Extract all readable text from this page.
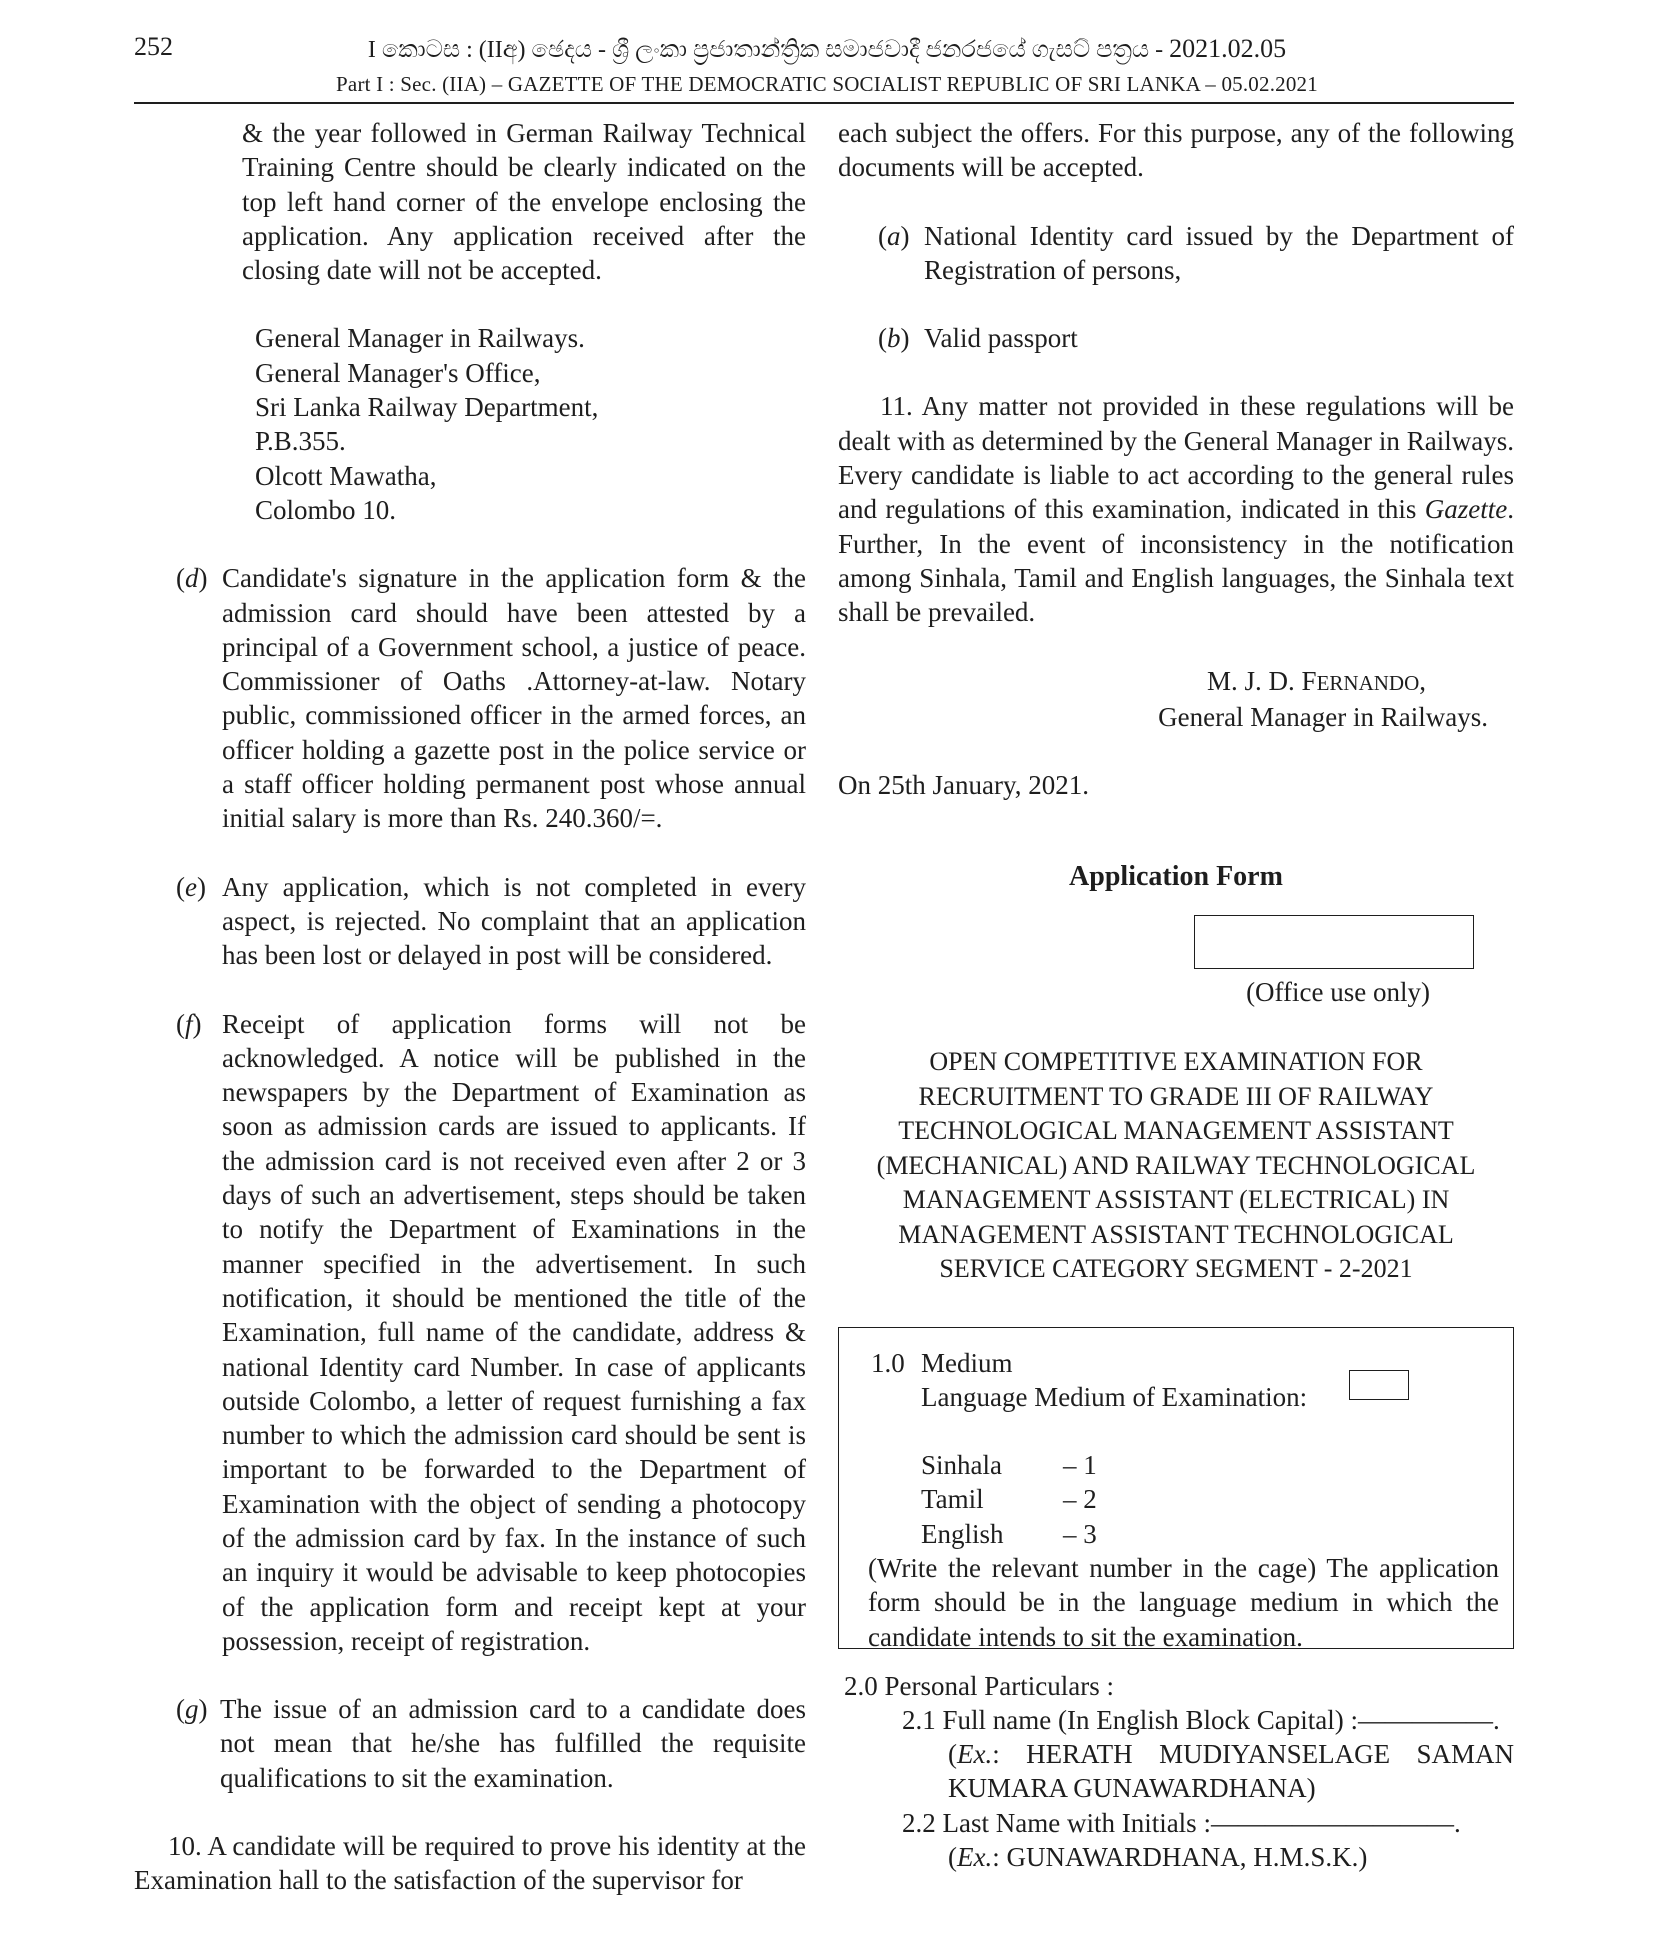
252	I කොටස : (IIඅ) ඡෙදය - ශ්‍රී ලංකා ප්‍රජාතාන්ත්‍රික සමාජවාදී ජනරජයේ ගැසට් පත්‍රය - 2021.02.05
Part I : Sec. (IIA) – GAZETTE OF THE DEMOCRATIC SOCIALIST REPUBLIC OF SRI LANKA – 05.02.2021

& the year followed in German Railway Technical Training Centre should be clearly indicated on the top left hand corner of the envelope enclosing the application. Any application received after the closing date will not be accepted.

General Manager in Railways.
General Manager's Office,
Sri Lanka Railway Department,
P.B.355.
Olcott Mawatha,
Colombo 10.
(d) Candidate's signature in the application form & the admission card should have been attested by a principal of a Government school, a justice of peace. Commissioner of Oaths .Attorney-at-law. Notary public, commissioned officer in the armed forces, an officer holding a gazette post in the police service or a staff officer holding permanent post whose annual initial salary is more than Rs. 240.360/=.

(e) Any application, which is not completed in every aspect, is rejected. No complaint that an application has been lost or delayed in post will be considered.

(f) Receipt of application forms will not be acknowledged. A notice will be published in the newspapers by the Department of Examination as soon as admission cards are issued to applicants. If the admission card is not received even after 2 or 3 days of such an advertisement, steps should be taken to notify the Department of Examinations in the manner specified in the advertisement. In such notification, it should be mentioned the title of the Examination, full name of the candidate, address & national Identity card Number. In case of applicants outside Colombo, a letter of request furnishing a fax number to which the admission card should be sent is important to be forwarded to the Department of Examination with the object of sending a photocopy of the admission card by fax. In the instance of such an inquiry it would be advisable to keep photocopies of the application form and receipt kept at your possession, receipt of registration.

(g) The issue of an admission card to a candidate does not mean that he/she has fulfilled the requisite qualifications to sit the examination.

10. A candidate will be required to prove his identity at the Examination hall to the satisfaction of the supervisor for

each subject the offers. For this purpose, any of the following documents will be accepted.

(a) National Identity card issued by the Department of Registration of persons,

(b) Valid passport

11. Any matter not provided in these regulations will be dealt with as determined by the General Manager in Railways. Every candidate is liable to act according to the general rules and regulations of this examination, indicated in this Gazette. Further, In the event of inconsistency in the notification among Sinhala, Tamil and English languages, the Sinhala text shall be prevailed.

M. J. D. FERNANDO,
General Manager in Railways.

On 25th January, 2021.

Application Form
(Office use only)
OPEN COMPETITIVE EXAMINATION FOR
RECRUITMENT TO GRADE III OF RAILWAY
TECHNOLOGICAL MANAGEMENT ASSISTANT
(MECHANICAL) AND RAILWAY TECHNOLOGICAL
MANAGEMENT ASSISTANT (ELECTRICAL) IN
MANAGEMENT ASSISTANT TECHNOLOGICAL
SERVICE CATEGORY SEGMENT - 2-2021
1.0 Medium
Language Medium of Examination:
Sinhala	– 1
Tamil	– 2
English	– 3

(Write the relevant number in the cage) The application form should be in the language medium in which the candidate intends to sit the examination.

2.0 Personal Particulars :
2.1 Full name (In English Block Capital) :—————.
(Ex.: HERATH MUDIYANSELAGE SAMAN KUMARA GUNAWARDHANA)
2.2 Last Name with Initials :—————————.
(Ex.: GUNAWARDHANA, H.M.S.K.)
